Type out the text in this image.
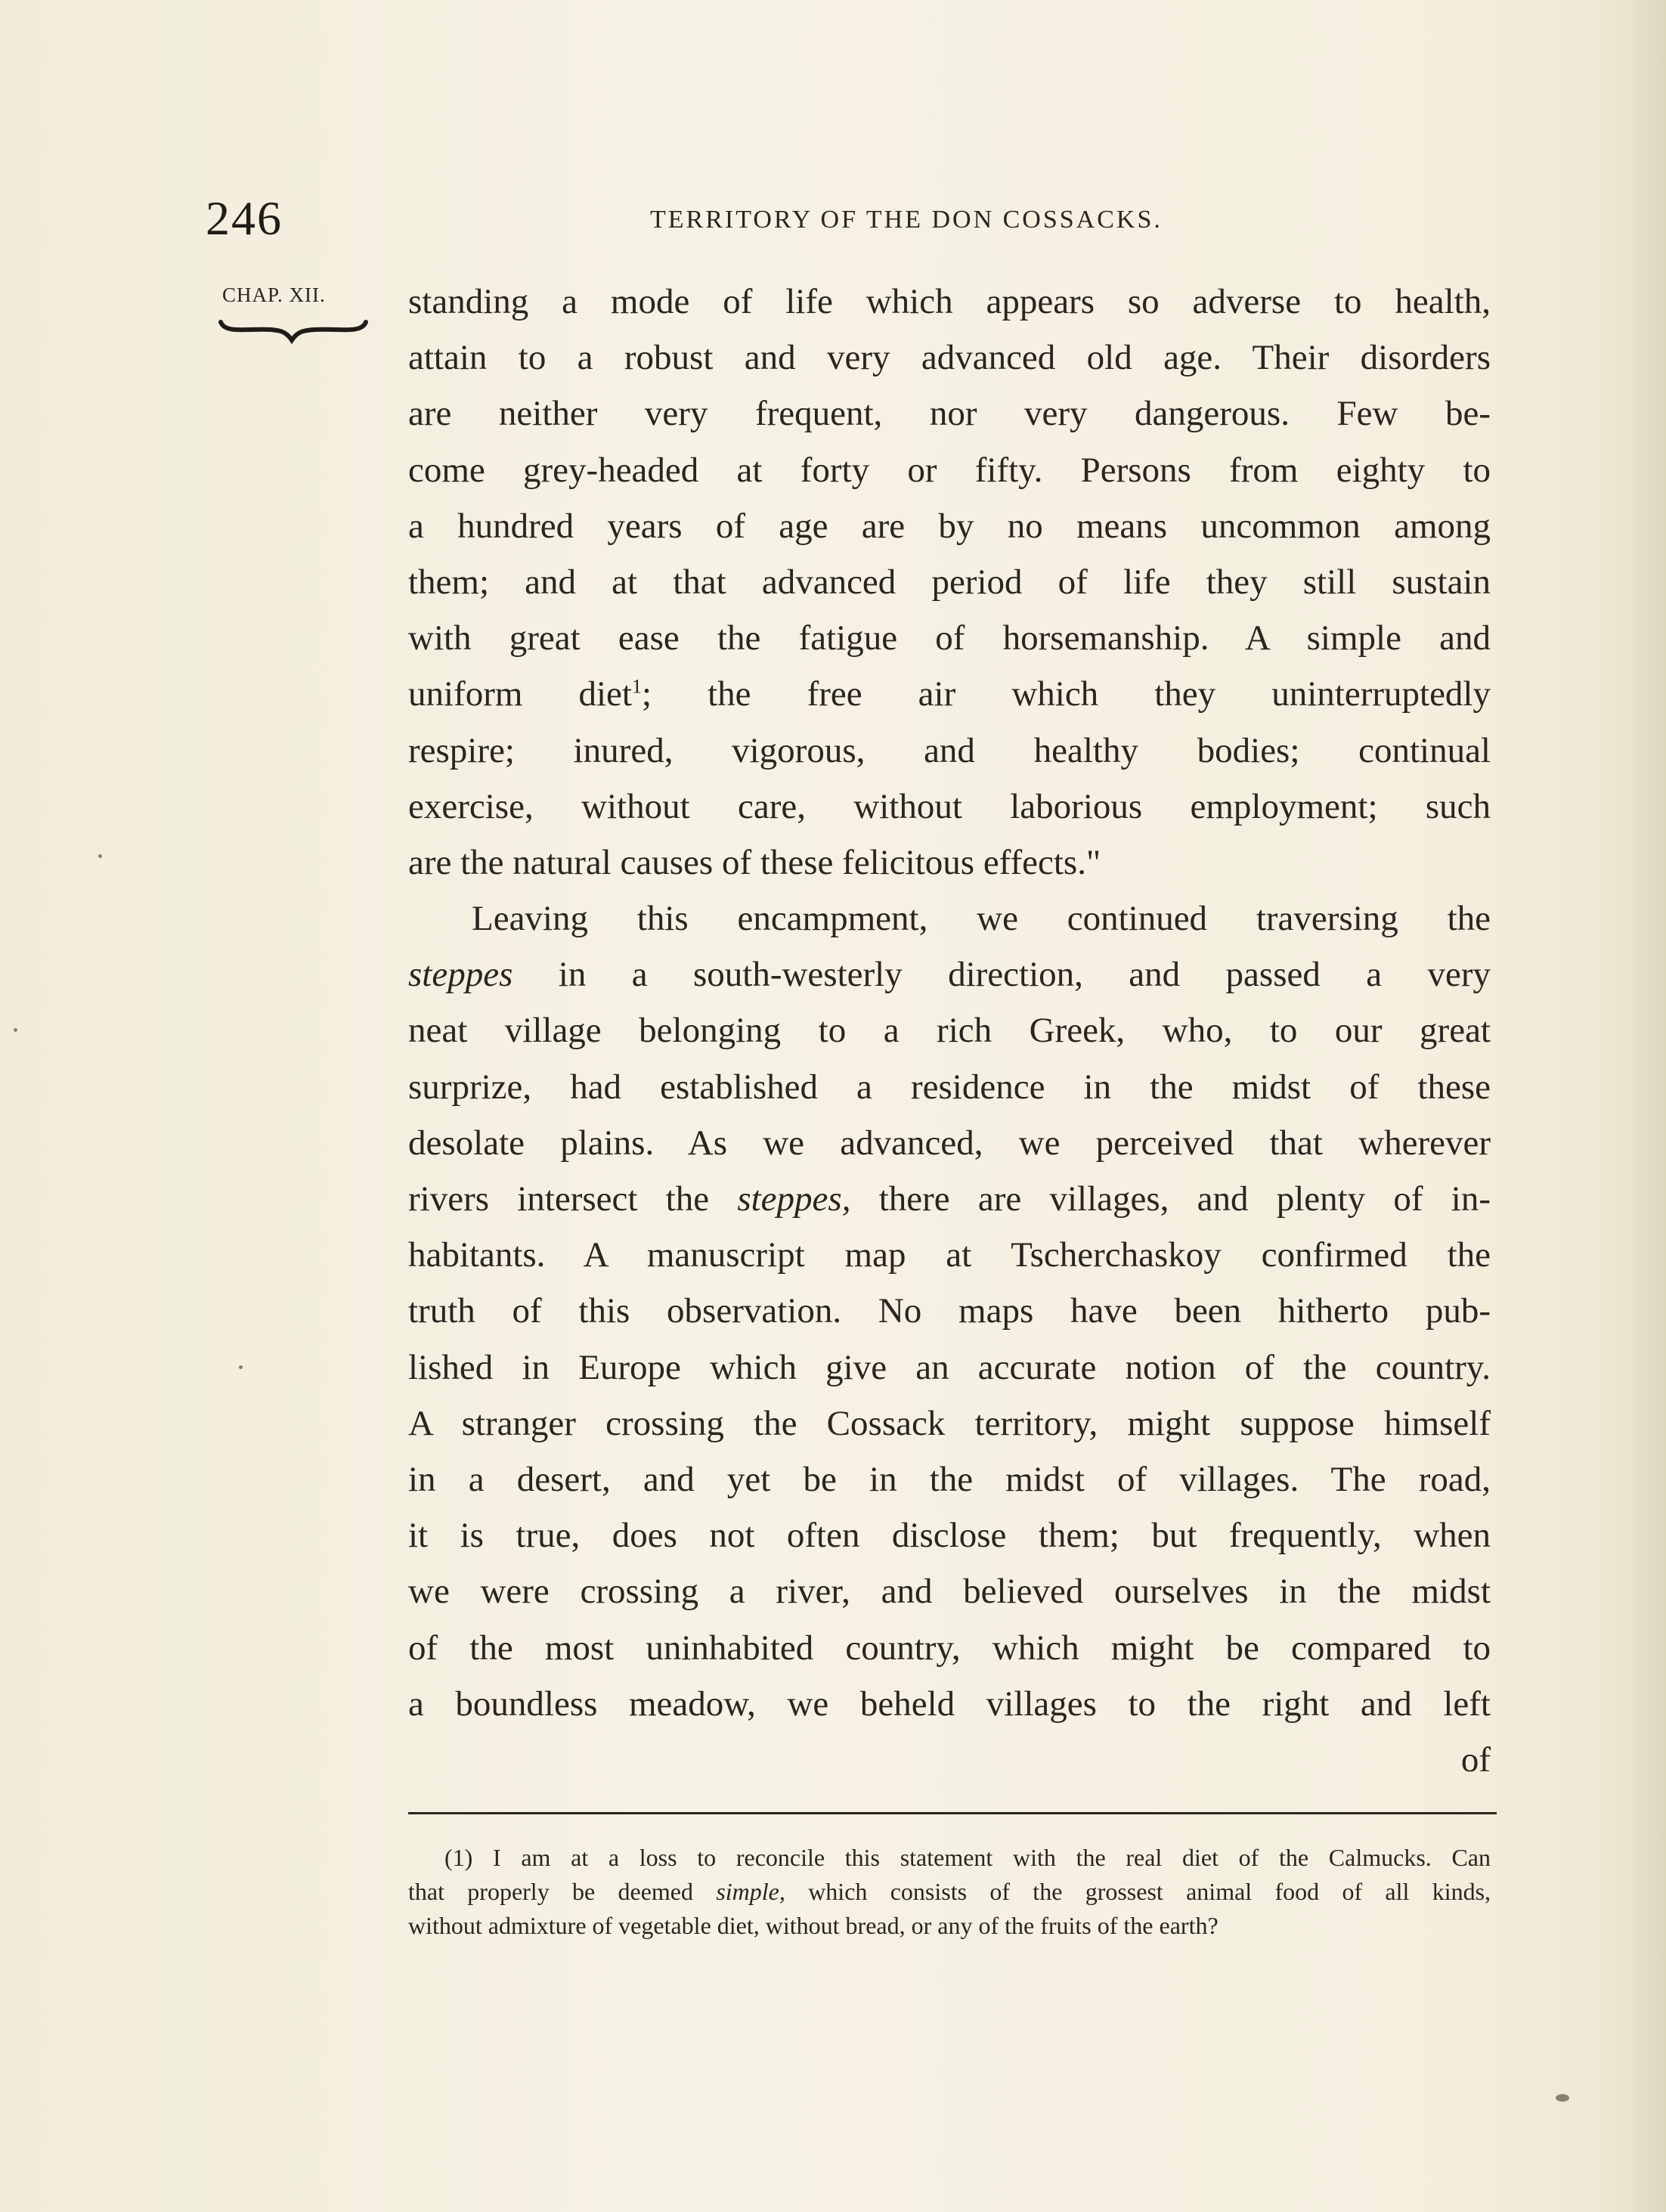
246	TERRITORY OF THE DON COSSACKS.
CHAP. XII. standing a mode of life which appears so adverse to health,
attain to a robust and very advanced old age. Their disorders
are neither very frequent, nor very dangerous. Few be-
come grey-headed at forty or fifty. Persons from eighty to
a hundred years of age are by no means uncommon among
them; and at that advanced period of life they still sustain
with great ease the fatigue of horsemanship. A simple and
uniform diet$^1$; the free air which they uninterruptedly
respire; inured, vigorous, and healthy bodies; continual
exercise, without care, without laborious employment; such
are the natural causes of these felicitous effects."
Leaving this encampment, we continued traversing the
steppes in a south-westerly direction, and passed a very
neat village belonging to a rich Greek, who, to our great
surprize, had established a residence in the midst of these
desolate plains. As we advanced, we perceived that wherever
rivers intersect the steppes, there are villages, and plenty of in-
habitants. A manuscript map at Tscherchaskoy confirmed the
truth of this observation. No maps have been hitherto pub-
lished in Europe which give an accurate notion of the country.
A stranger crossing the Cossack territory, might suppose himself
in a desert, and yet be in the midst of villages. The road,
it is true, does not often disclose them; but frequently, when
we were crossing a river, and believed ourselves in the midst
of the most uninhabited country, which might be compared to
a boundless meadow, we beheld villages to the right and left
of
(1) I am at a loss to reconcile this statement with the real diet of the Calmucks. Can
that properly be deemed simple, which consists of the grossest animal food of all kinds,
without admixture of vegetable diet, without bread, or any of the fruits of the earth?
